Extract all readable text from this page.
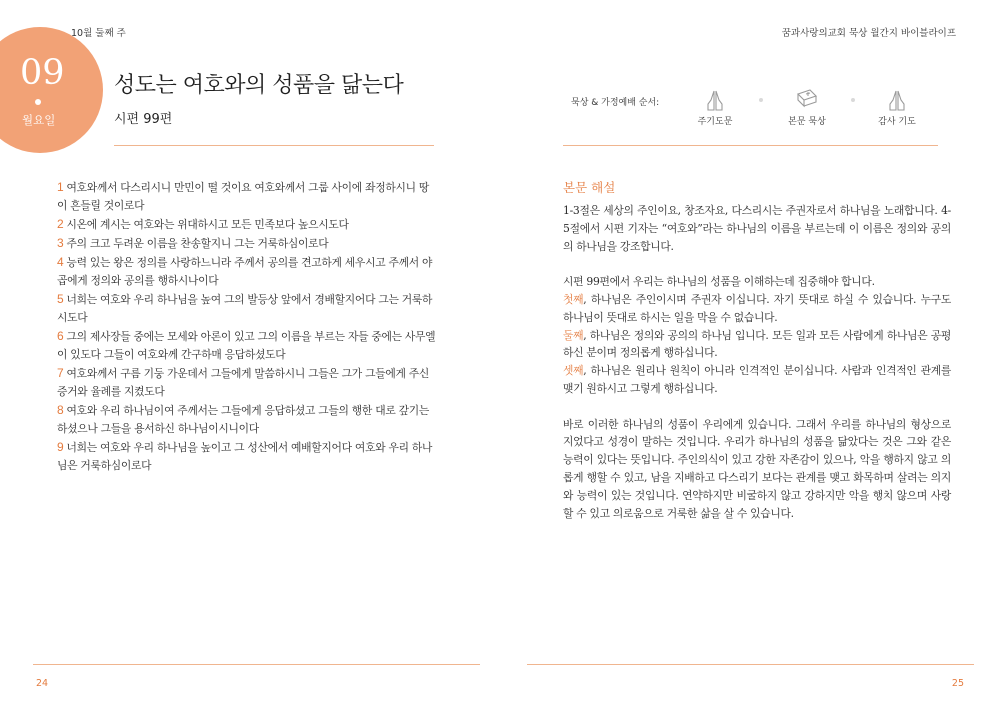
10월 둘째 주	꿈과사랑의교회 묵상 월간지 바이블라이프
09
월요일
성도는 여호와의 성품을 닮는다
시편 99편
1 여호와께서 다스리시니 만민이 떨 것이요 여호와께서 그룹 사이에 좌정하시니 땅이 흔들릴 것이로다
2 시온에 계시는 여호와는 위대하시고 모든 민족보다 높으시도다
3 주의 크고 두려운 이름을 찬송할지니 그는 거룩하심이로다
4 능력 있는 왕은 정의를 사랑하느니라 주께서 공의를 견고하게 세우시고 주께서 야곱에게 정의와 공의를 행하시나이다
5 너희는 여호와 우리 하나님을 높여 그의 발등상 앞에서 경배할지어다 그는 거룩하시도다
6 그의 제사장들 중에는 모세와 아론이 있고 그의 이름을 부르는 자들 중에는 사무엘이 있도다 그들이 여호와께 간구하매 응답하셨도다
7 여호와께서 구름 기둥 가운데서 그들에게 말씀하시니 그들은 그가 그들에게 주신 증거와 율례를 지켰도다
8 여호와 우리 하나님이여 주께서는 그들에게 응답하셨고 그들의 행한 대로 갚기는 하셨으나 그들을 용서하신 하나님이시니이다
9 너희는 여호와 우리 하나님을 높이고 그 성산에서 예배할지어다 여호와 우리 하나님은 거룩하심이로다
묵상 & 가정예배 순서:
주기도문	본문 묵상	감사 기도
본문 해설

1-3절은 세상의 주인이요, 창조자요, 다스리시는 주권자로서 하나님을 노래합니다. 4-5절에서 시편 기자는 “여호와”라는 하나님의 이름을 부르는데 이 이름은 정의와 공의의 하나님을 강조합니다.

시편 99편에서 우리는 하나님의 성품을 이해하는데 집중해야 합니다.
첫째, 하나님은 주인이시며 주권자 이십니다. 자기 뜻대로 하실 수 있습니다. 누구도 하나님이 뜻대로 하시는 일을 막을 수 없습니다.
둘째, 하나님은 정의와 공의의 하나님 입니다. 모든 일과 모든 사람에게 하나님은 공평하신 분이며 정의롭게 행하십니다.
셋째, 하나님은 원리나 원칙이 아니라 인격적인 분이십니다. 사람과 인격적인 관계를 맺기 원하시고 그렇게 행하십니다.

바로 이러한 하나님의 성품이 우리에게 있습니다. 그래서 우리를 하나님의 형상으로 지었다고 성경이 말하는 것입니다. 우리가 하나님의 성품을 닮았다는 것은 그와 같은 능력이 있다는 뜻입니다. 주인의식이 있고 강한 자존감이 있으나, 악을 행하지 않고 의롭게 행할 수 있고, 남을 지배하고 다스리기 보다는 관계를 맺고 화목하며 살려는 의지와 능력이 있는 것입니다. 연약하지만 비굴하지 않고 강하지만 악을 행치 않으며 사랑할 수 있고 의로움으로 거룩한 삶을 살 수 있습니다.

24	25
